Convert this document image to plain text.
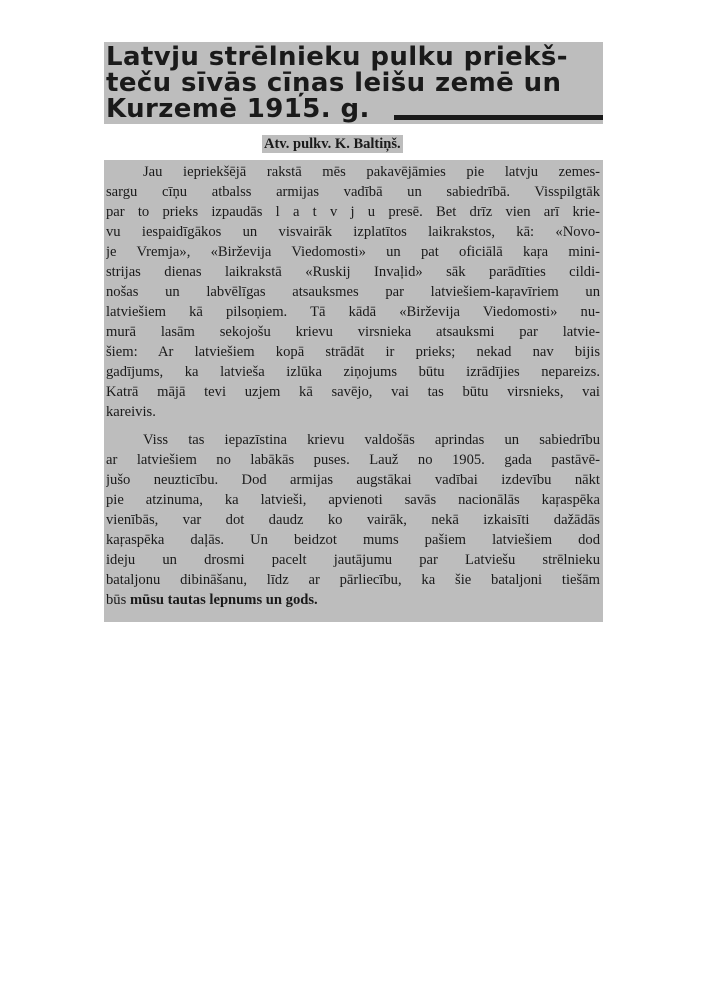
Latvju strēlnieku pulku priekš-
teču sīvās cīņas leišu zemē un
Kurzemē 1915. g.
Atv. pulkv. K. Baltiņš.
Jau iepriekšējā rakstā mēs pakavējāmies pie latvju zemes-
sargu cīņu atbalss armijas vadībā un sabiedrībā. Visspilgtāk
par to prieks izpaudās l a t v j u presē. Bet drīz vien arī krie-
vu iespaidīgākos un visvairāk izplatītos laikrakstos, kā: «Novo-
je Vremja», «Birževija Viedomosti» un pat oficiālā kaŗa mini-
strijas dienas laikrakstā «Ruskij Invaļid» sāk parādīties cildi-
nošas un labvēlīgas atsauksmes par latviešiem-kaŗavīriem un
latviešiem kā pilsoņiem. Tā kādā «Birževija Viedomosti» nu-
murā lasām sekojošu krievu virsnieka atsauksmi par latvie-
šiem: Ar latviešiem kopā strādāt ir prieks; nekad nav bijis
gadījums, ka latvieša izlūka ziņojums būtu izrādījies nepareizs.
Katrā mājā tevi uzjem kā savējo, vai tas būtu virsnieks, vai
kareivis.
Viss tas iepazīstina krievu valdošās aprindas un sabiedrību
ar latviešiem no labākās puses. Lauž no 1905. gada pastāvē-
jušo neuzticību. Dod armijas augstākai vadībai izdevību nākt
pie atzinuma, ka latvieši, apvienoti savās nacionālās kaŗaspēka
vienībās, var dot daudz ko vairāk, nekā izkaisīti dažādās
kaŗaspēka daļās. Un beidzot mums pašiem latviešiem dod
ideju un drosmi pacelt jautājumu par Latviešu strēlnieku
bataljonu dibināšanu, līdz ar pārliecību, ka šie bataljoni tiešām
būs mūsu tautas lepnums un gods.
